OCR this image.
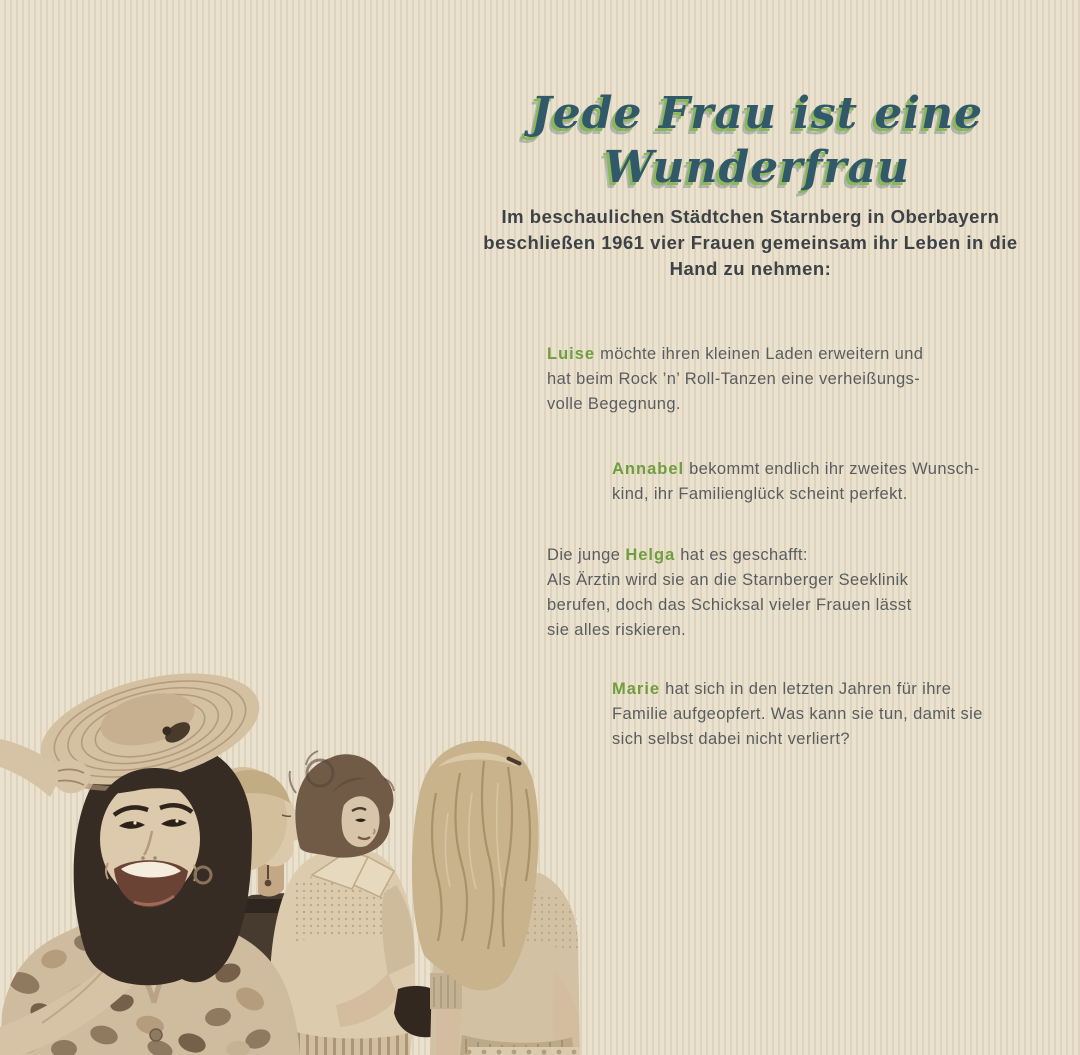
Jede Frau ist eine
Wunderfrau
Im beschaulichen Städtchen Starnberg in Oberbayern
beschließen 1961 vier Frauen gemeinsam ihr Leben in die
Hand zu nehmen:
Luise möchte ihren kleinen Laden erweitern und
hat beim Rock ’n’ Roll-Tanzen eine verheißungs-
volle Begegnung.
Annabel bekommt endlich ihr zweites Wunsch-
kind, ihr Familienglück scheint perfekt.
Die junge Helga hat es geschafft:
Als Ärztin wird sie an die Starnberger Seeklinik
berufen, doch das Schicksal vieler Frauen lässt
sie alles riskieren.
Marie hat sich in den letzten Jahren für ihre
Familie aufgeopfert. Was kann sie tun, damit sie
sich selbst dabei nicht verliert?
